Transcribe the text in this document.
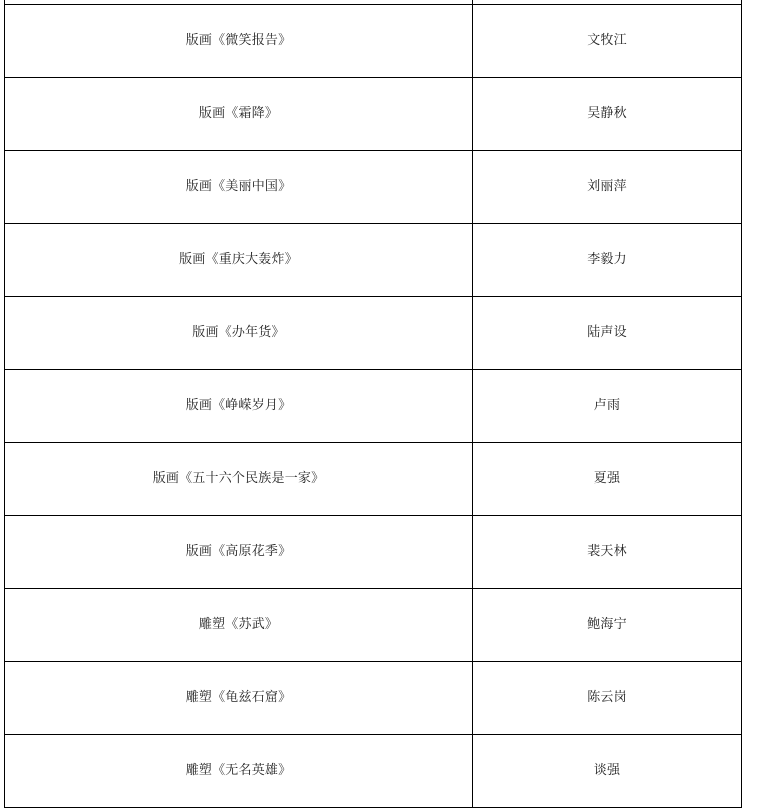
版画《微笑报告》	文牧江
版画《霜降》	吴静秋
版画《美丽中国》	刘丽萍
版画《重庆大轰炸》	李毅力
版画《办年货》	陆声设
版画《峥嵘岁月》	卢雨
版画《五十六个民族是一家》	夏强
版画《高原花季》	裴天林
雕塑《苏武》	鲍海宁
雕塑《龟兹石窟》	陈云岗
雕塑《无名英雄》	谈强
